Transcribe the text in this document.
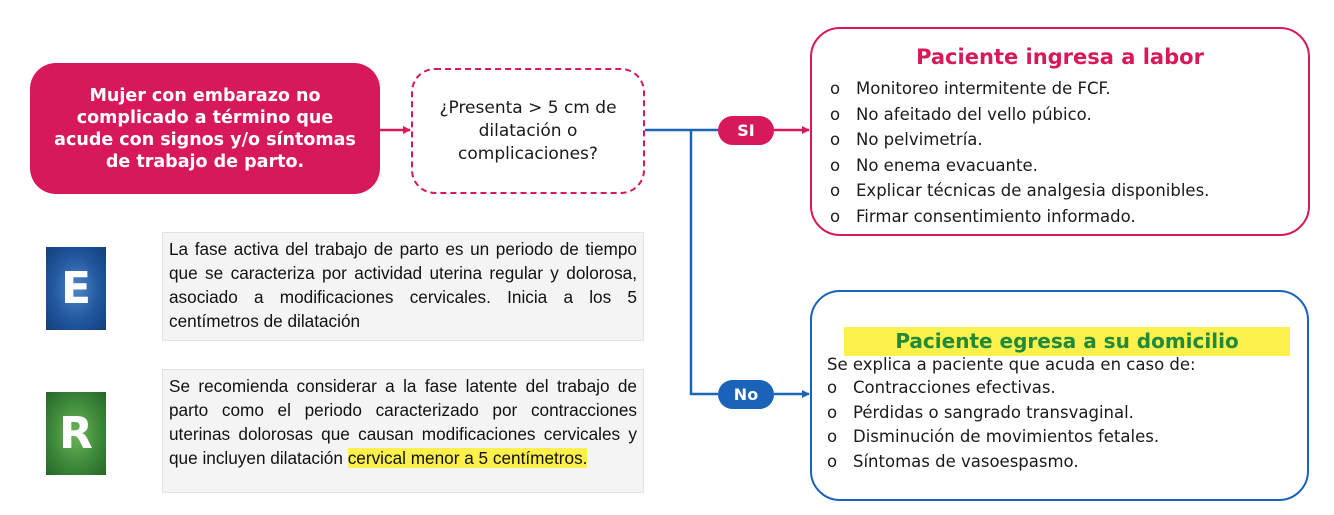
Mujer con embarazo no complicado a término que acude con signos y/o síntomas de trabajo de parto.
¿Presenta > 5 cm de dilatación o complicaciones?
SI
No
Paciente ingresa a labor
o Monitoreo intermitente de FCF.
o No afeitado del vello púbico.
o No pelvimetría.
o No enema evacuante.
o Explicar técnicas de analgesia disponibles.
o Firmar consentimiento informado.
Paciente egresa a su domicilio
Se explica a paciente que acuda en caso de:
o Contracciones efectivas.
o Pérdidas o sangrado transvaginal.
o Disminución de movimientos fetales.
o Síntomas de vasoespasmo.
E
La fase activa del trabajo de parto es un periodo de tiempo que se caracteriza por actividad uterina regular y dolorosa, asociado a modificaciones cervicales. Inicia a los 5 centímetros de dilatación
R
Se recomienda considerar a la fase latente del trabajo de parto como el periodo caracterizado por contracciones uterinas dolorosas que causan modificaciones cervicales y que incluyen dilatación cervical menor a 5 centímetros.
